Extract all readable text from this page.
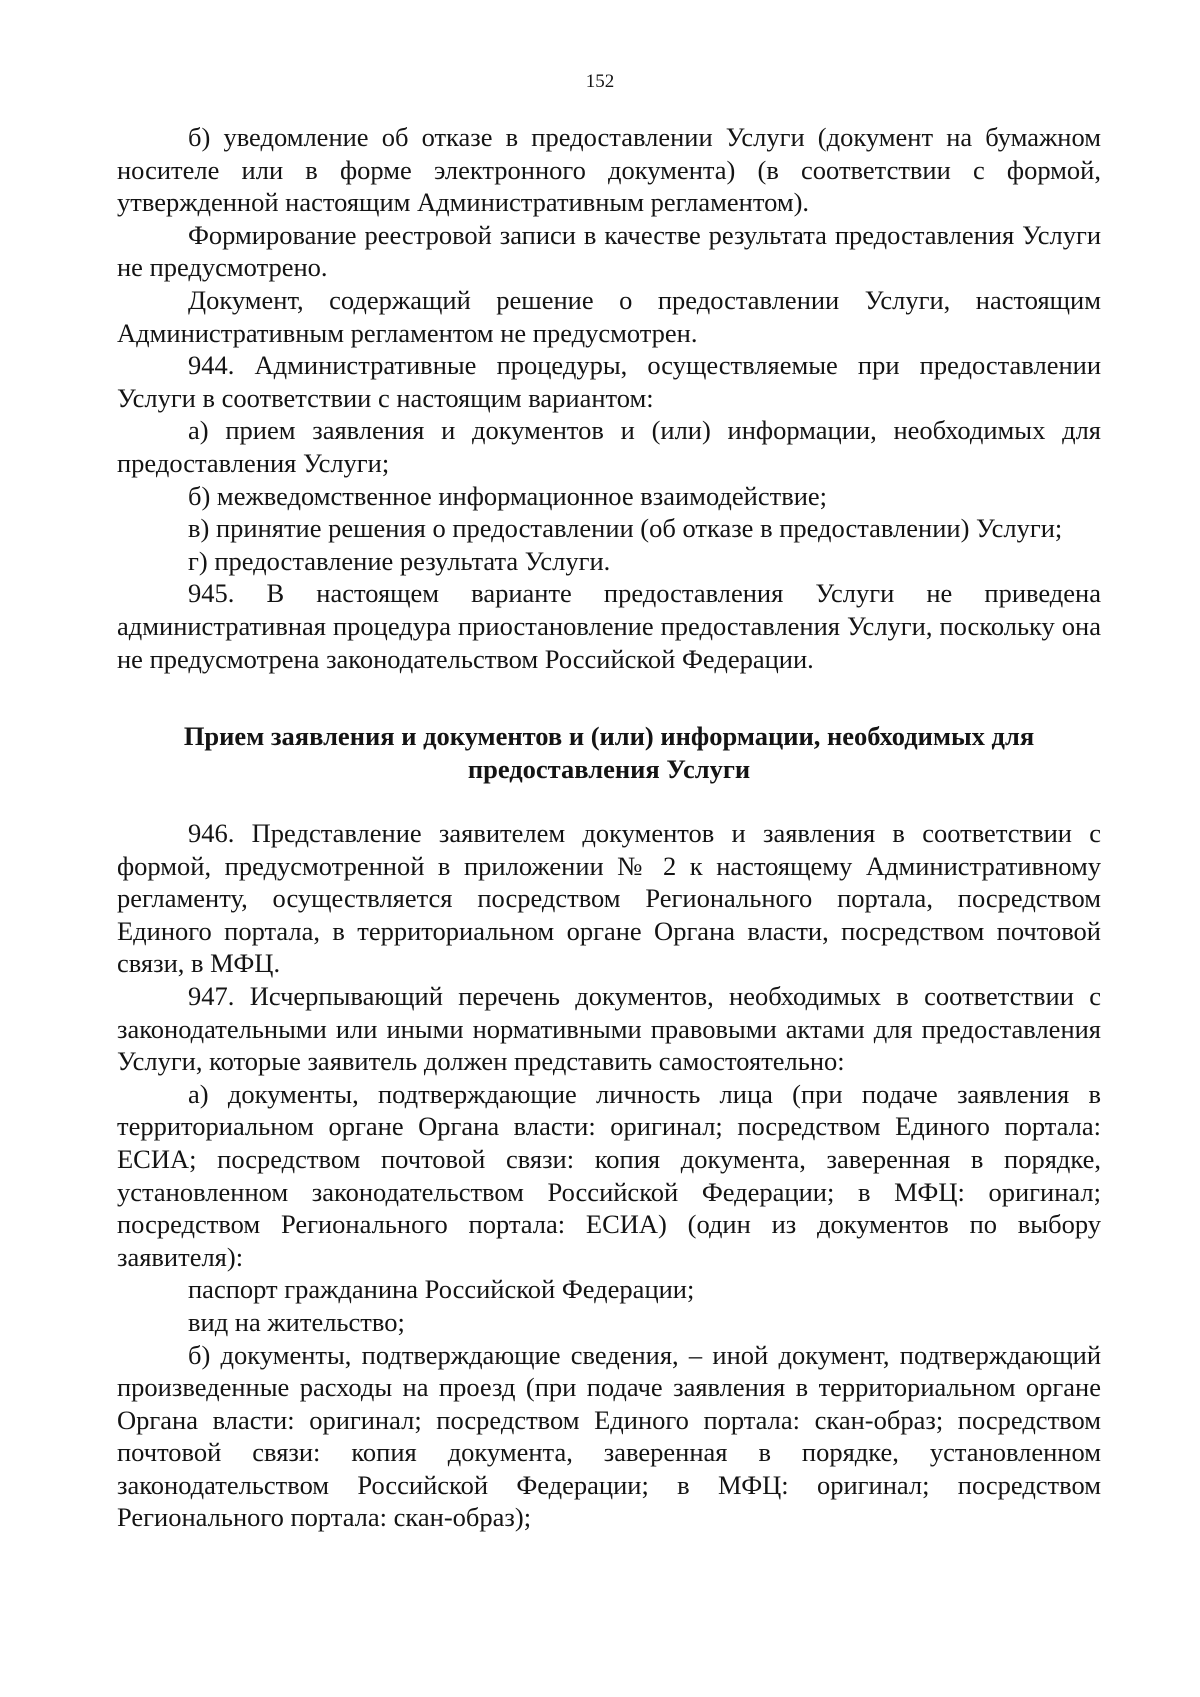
152

б) уведомление об отказе в предоставлении Услуги (документ на бумажном носителе или в форме электронного документа) (в соответствии с формой, утвержденной настоящим Административным регламентом).

Формирование реестровой записи в качестве результата предоставления Услуги не предусмотрено.

Документ, содержащий решение о предоставлении Услуги, настоящим Административным регламентом не предусмотрен.

944. Административные процедуры, осуществляемые при предоставлении Услуги в соответствии с настоящим вариантом:

а) прием заявления и документов и (или) информации, необходимых для предоставления Услуги;

б) межведомственное информационное взаимодействие;

в) принятие решения о предоставлении (об отказе в предоставлении) Услуги;

г) предоставление результата Услуги.

945. В настоящем варианте предоставления Услуги не приведена административная процедура приостановление предоставления Услуги, поскольку она не предусмотрена законодательством Российской Федерации.

Прием заявления и документов и (или) информации, необходимых для предоставления Услуги

946. Представление заявителем документов и заявления в соответствии с формой, предусмотренной в приложении № 2 к настоящему Административному регламенту, осуществляется посредством Регионального портала, посредством Единого портала, в территориальном органе Органа власти, посредством почтовой связи, в МФЦ.

947. Исчерпывающий перечень документов, необходимых в соответствии с законодательными или иными нормативными правовыми актами для предоставления Услуги, которые заявитель должен представить самостоятельно:

а) документы, подтверждающие личность лица (при подаче заявления в территориальном органе Органа власти: оригинал; посредством Единого портала: ЕСИА; посредством почтовой связи: копия документа, заверенная в порядке, установленном законодательством Российской Федерации; в МФЦ: оригинал; посредством Регионального портала: ЕСИА) (один из документов по выбору заявителя):

паспорт гражданина Российской Федерации;

вид на жительство;

б) документы, подтверждающие сведения, – иной документ, подтверждающий произведенные расходы на проезд (при подаче заявления в территориальном органе Органа власти: оригинал; посредством Единого портала: скан-образ; посредством почтовой связи: копия документа, заверенная в порядке, установленном законодательством Российской Федерации; в МФЦ: оригинал; посредством Регионального портала: скан-образ);
